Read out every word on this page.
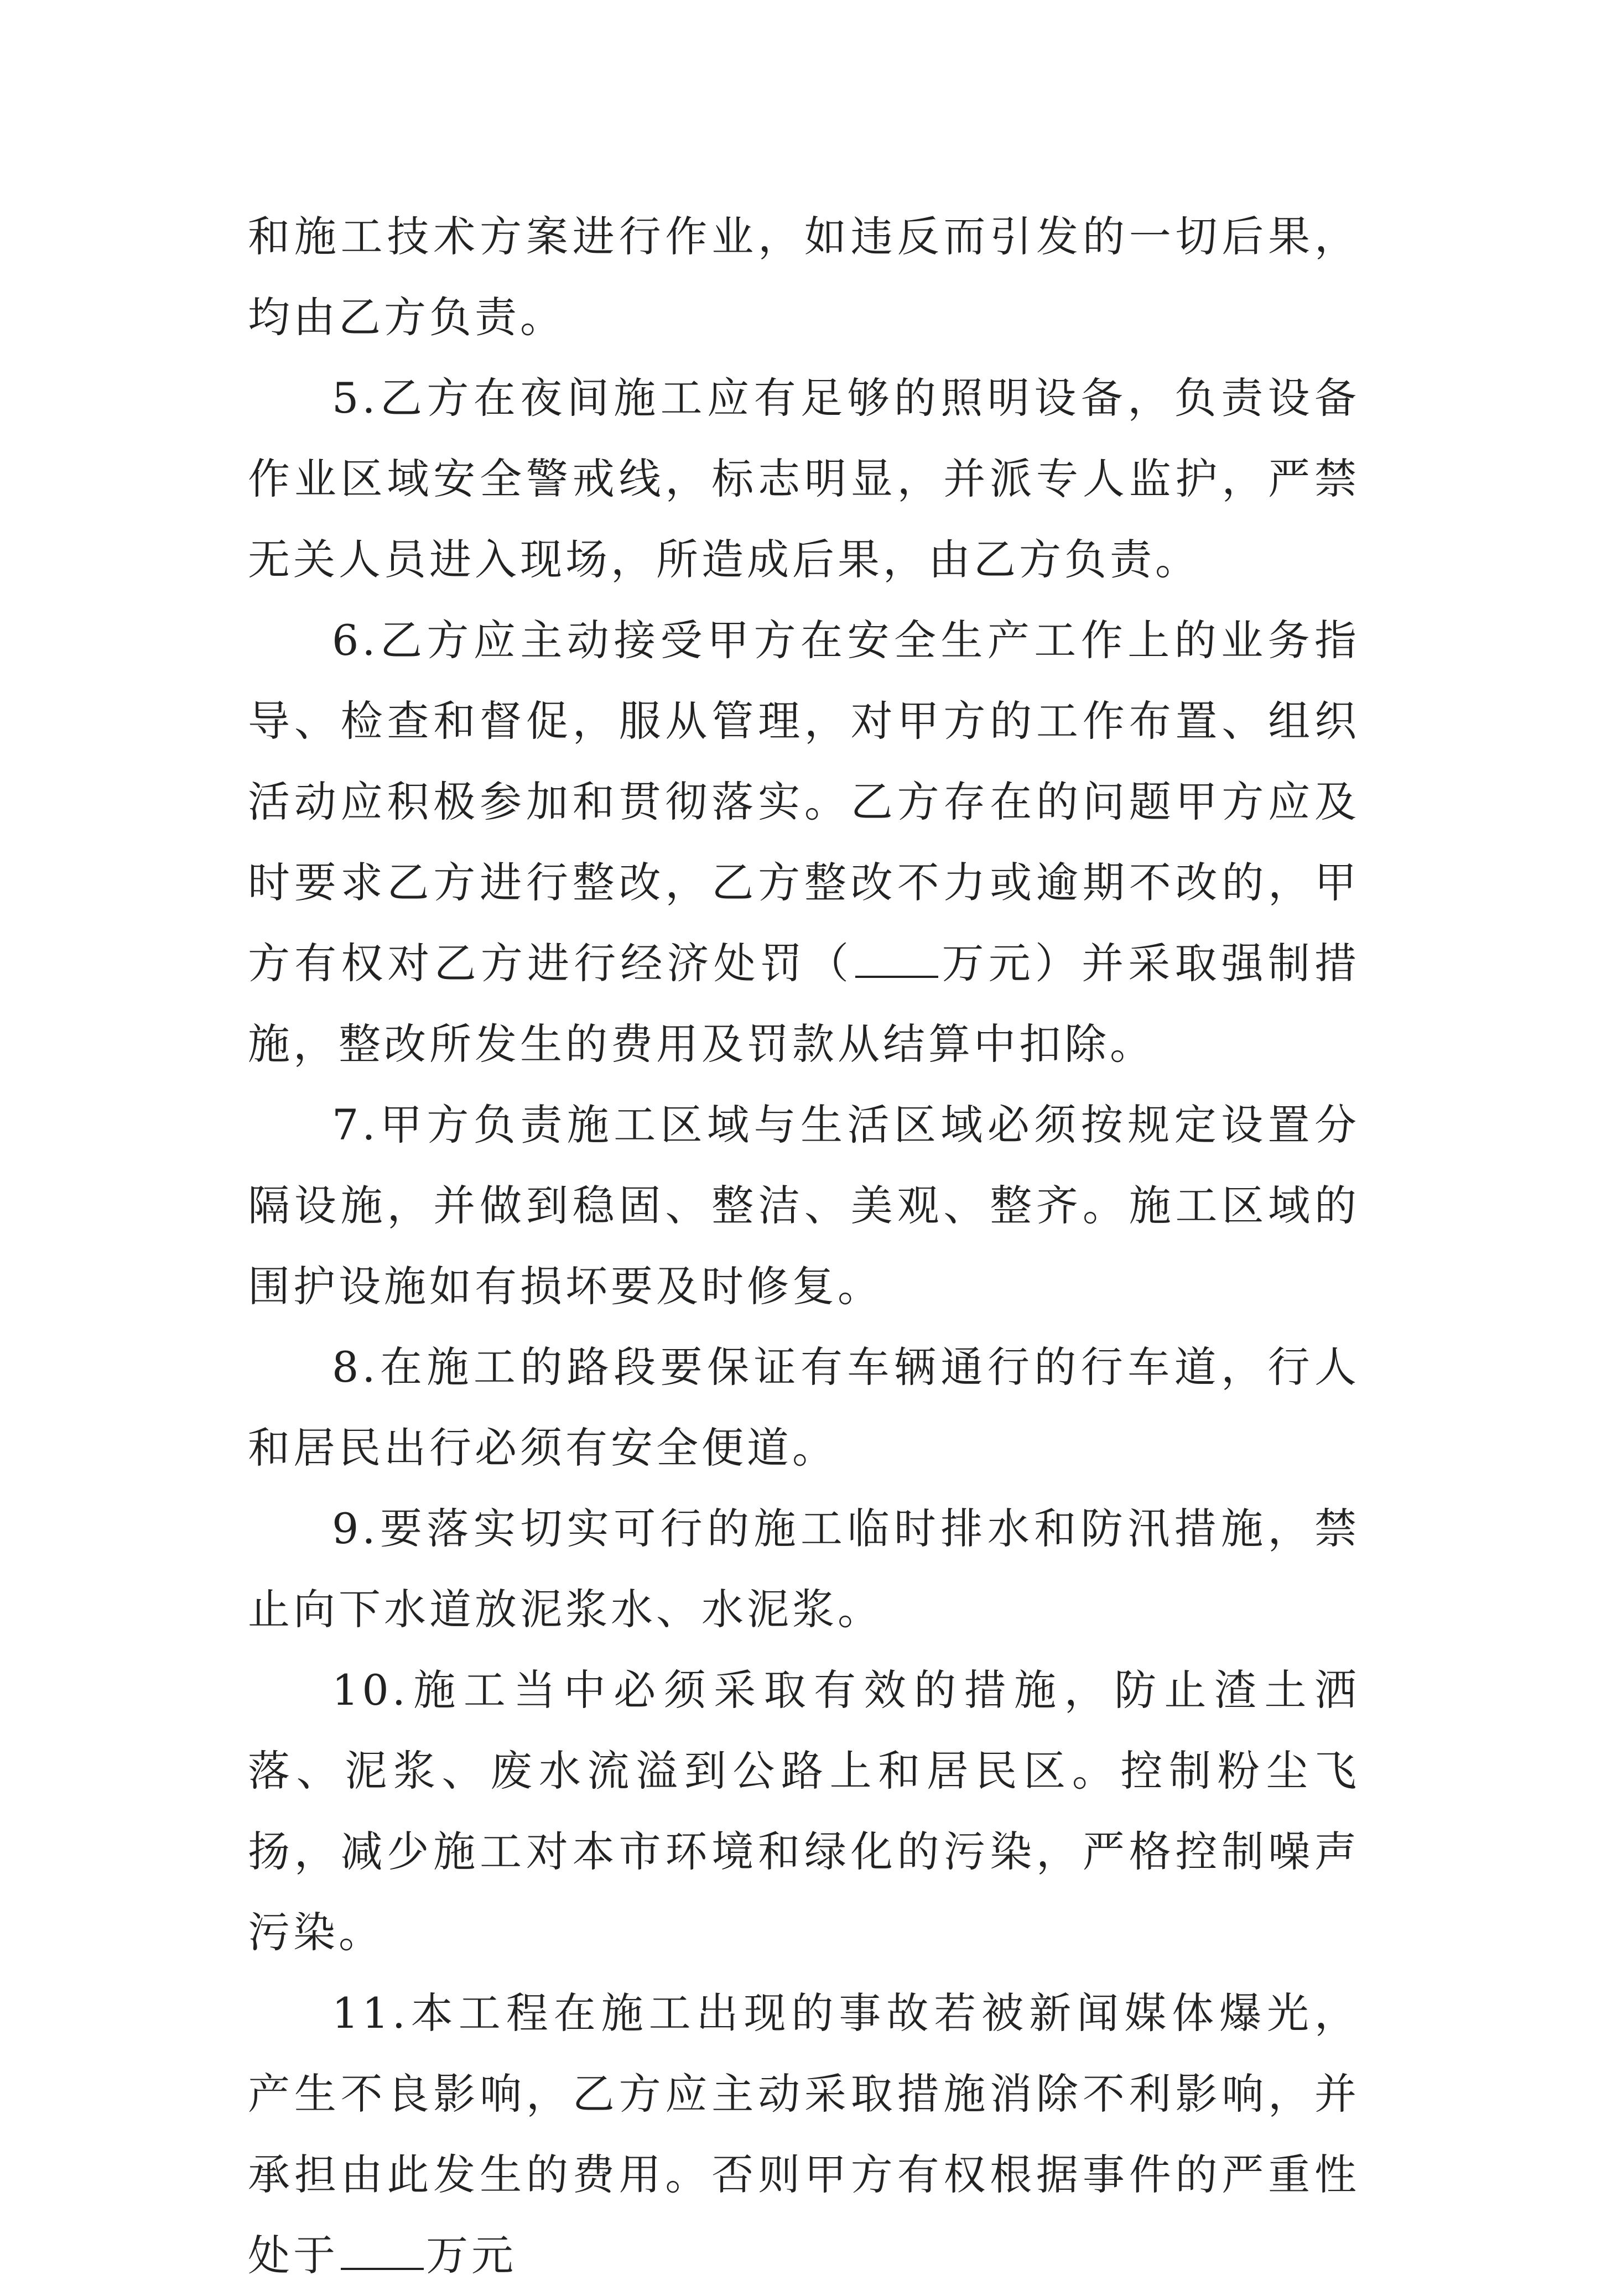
和施工技术方案进行作业，如违反而引发的一切后果，均由乙方负责。

5.乙方在夜间施工应有足够的照明设备，负责设备作业区域安全警戒线，标志明显，并派专人监护，严禁无关人员进入现场，所造成后果，由乙方负责。

6.乙方应主动接受甲方在安全生产工作上的业务指导、检查和督促，服从管理，对甲方的工作布置、组织活动应积极参加和贯彻落实。乙方存在的问题甲方应及时要求乙方进行整改，乙方整改不力或逾期不改的，甲方有权对乙方进行经济处罚（ 万元）并采取强制措施，整改所发生的费用及罚款从结算中扣除。

7.甲方负责施工区域与生活区域必须按规定设置分隔设施，并做到稳固、整洁、美观、整齐。施工区域的围护设施如有损坏要及时修复。

8.在施工的路段要保证有车辆通行的行车道，行人和居民出行必须有安全便道。

9.要落实切实可行的施工临时排水和防汛措施，禁止向下水道放泥浆水、水泥浆。

10.施工当中必须采取有效的措施，防止渣土洒落、泥浆、废水流溢到公路上和居民区。控制粉尘飞扬，减少施工对本市环境和绿化的污染，严格控制噪声污染。

11.本工程在施工出现的事故若被新闻媒体爆光，产生不良影响，乙方应主动采取措施消除不利影响，并承担由此发生的费用。否则甲方有权根据事件的严重性处于 万元
